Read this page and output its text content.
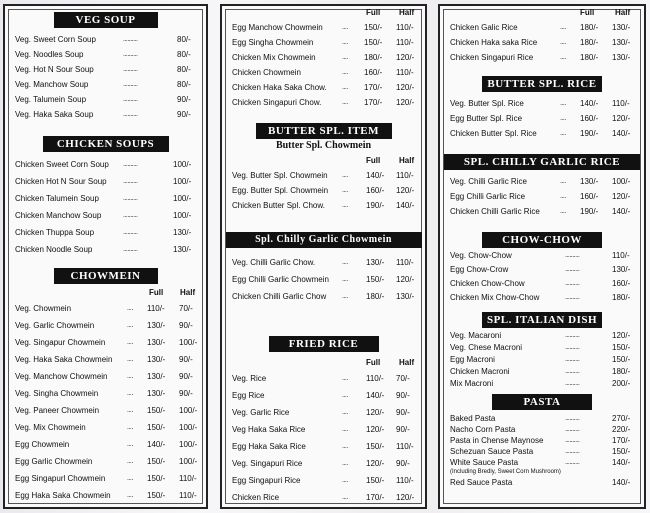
VEG SOUP
Veg. Sweet Corn Soup	..........	80/-
Veg. Noodles Soup	..........	80/-
Veg. Hot N Sour Soup	..........	80/-
Veg. Manchow Soup	..........	80/-
Veg. Talumein Soup	..........	90/-
Veg. Haka Saka Soup	..........	90/-
CHICKEN SOUPS
Chicken Sweet Corn Soup ..........	100/-
Chicken Hot N Sour Soup ..........	100/-
Chicken Talumein Soup	..........	100/-
Chicken Manchow Soup	..........	100/-
Chicken Thuppa Soup	..........	130/-
Chicken Noodle Soup	..........	130/-
CHOWMEIN
Full Half
Veg. Chowmein	.... 110/- 70/-
Veg. Garlic Chowmein	.... 130/- 90/-
Veg. Singapur Chowmein	.... 130/- 100/-
Veg. Haka Saka Chowmein .... 130/- 90/-
Veg. Manchow Chowmein	.... 130/- 90/-
Veg. Singha Chowmein	.... 130/- 90/-
Veg. Paneer Chowmein	.... 150/- 100/-
Veg. Mix Chowmein	.... 150/- 100/-
Egg Chowmein	.... 140/- 100/-
Egg Garlic Chowmein	.... 150/- 100/-
Egg Singapurl Chowmein	.... 150/- 110/-
Egg Haka Saka Chowmein .... 150/- 110/-
Full Half
Egg Manchow Chowmein	.... 150/- 110/-
Egg Singha Chowmein	.... 150/- 110/-
Chicken Mix Chowmein	.... 180/- 120/-
Chicken Chowmein	.... 160/- 110/-
Chicken Haka Saka Chow. .... 170/- 120/-
Chicken Singapuri Chow.	.... 170/- 120/-
BUTTER SPL. ITEM
Butter Spl. Chowmein
Full Half
Veg. Butter Spl. Chowmein .... 140/- 110/-
Egg. Butter Spl. Chowmein .... 160/- 120/-
Chicken Butter Spl. Chow. .... 190/- 140/-
Spl. Chilly Garlic Chowmein
Veg. Chilli Garlic Chow.	.... 130/- 110/-
Egg Chilli Garlic Chowmein .... 150/- 120/-
Chicken Chilli Garlic Chow .... 180/- 130/-
FRIED RICE
Full Half
Veg. Rice	.... 110/- 70/-
Egg Rice	.... 140/- 90/-
Veg. Garlic Rice	.... 120/- 90/-
Veg Haka Saka Rice	.... 120/- 90/-
Egg Haka Saka Rice	.... 150/- 110/-
Veg. Singapuri Rice	.... 120/- 90/-
Egg Singapuri Rice	.... 150/- 110/-
Chicken Rice	.... 170/- 120/-
Full	Half
Chicken Galic Rice	.... 180/- 130/-
Chicken Haka saka Rice	.... 180/- 130/-
Chicken Singapuri Rice	.... 180/- 130/-
BUTTER SPL. RICE
Veg. Butter Spl. Rice	.... 140/- 110/-
Egg Butter Spl. Rice	.... 160/- 120/-
Chicken Butter Spl. Rice	.... 190/- 140/-
SPL. CHILLY GARLIC RICE
Veg. Chilli Garlic Rice	.... 130/- 100/-
Egg Chilli Garlic Rice	.... 160/- 120/-
Chicken Chilli Garlic Rice	.... 190/- 140/-
CHOW-CHOW
Veg. Chow-Chow	..........	110/-
Egg Chow-Crow	..........	130/-
Chicken Chow-Chow	..........	160/-
Chicken Mix Chow-Chow	..........	180/-
SPL. ITALIAN DISH
Veg. Macaroni	..........	120/-
Veg. Chese Macroni	..........	150/-
Egg Macroni	..........	150/-
Chicken Macroni	..........	180/-
Mix Macroni	..........	200/-
PASTA
Baked Pasta	..........	270/-
Nacho Corn Pasta	..........	220/-
Pasta in Chense Maynose	..........	170/-
Schezuan Sauce Pasta	..........	150/-
White Sauce Pasta	..........	140/-
(Including Bredly, Sweet Corn Mushroom)
Red Sauce Pasta	140/-
